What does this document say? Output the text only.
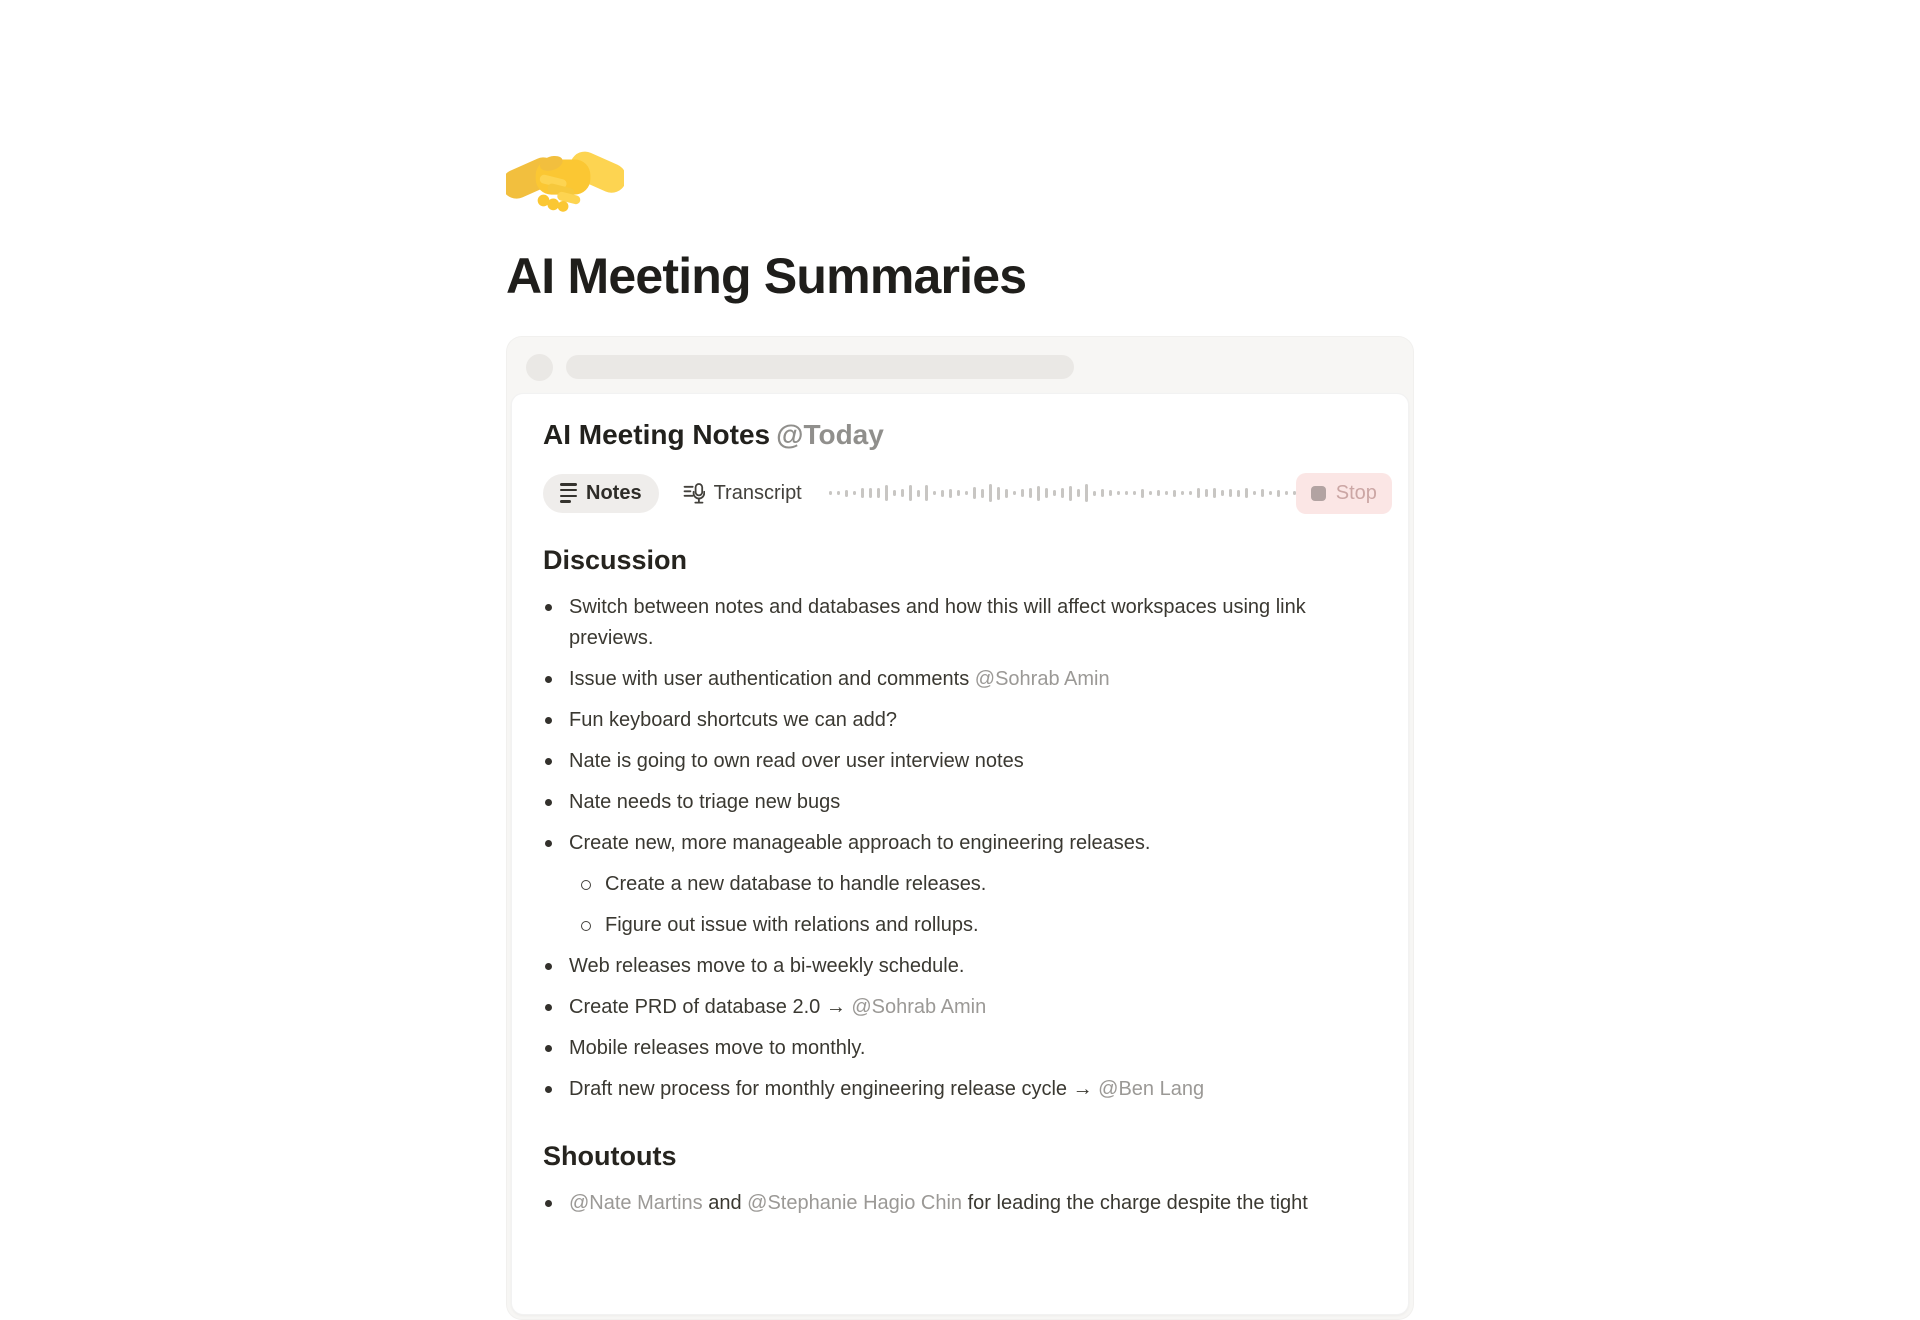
AI Meeting Summaries
AI Meeting Notes @Today
Notes	Transcript	Stop
Discussion

Switch between notes and databases and how this will affect workspaces using link previews.

Issue with user authentication and comments @Sohrab Amin

Fun keyboard shortcuts we can add?

Nate is going to own read over user interview notes

Nate needs to triage new bugs

Create new, more manageable approach to engineering releases.

Create a new database to handle releases.

Figure out issue with relations and rollups.

Web releases move to a bi-weekly schedule.

Create PRD of database 2.0 → @Sohrab Amin

Mobile releases move to monthly.

Draft new process for monthly engineering release cycle → @Ben Lang

Shoutouts

@Nate Martins and @Stephanie Hagio Chin for leading the charge despite the tight
